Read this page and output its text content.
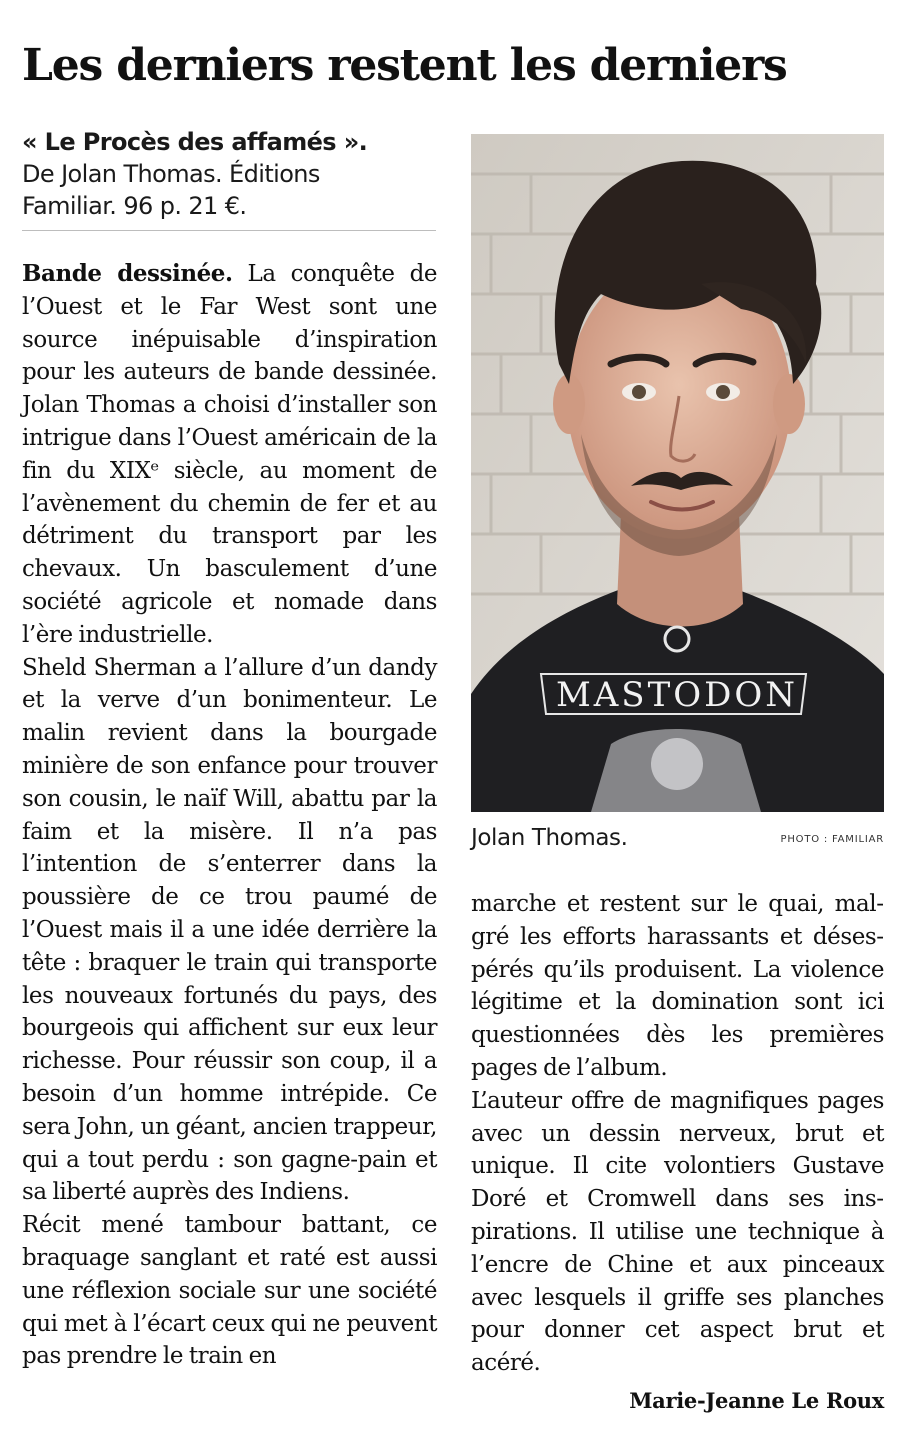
Les derniers restent les derniers
« Le Procès des affamés ».
De Jolan Thomas. Éditions
Familiar. 96 p. 21 €.

Bande dessinée. La conquête de l’Ouest et le Far West sont une source inépuisable d’inspiration pour les auteurs de bande dessinée. Jolan Thomas a choisi d’installer son intrigue dans l’Ouest américain de la fin du XIXᵉ siècle, au moment de l’avènement du chemin de fer et au détriment du transport par les chevaux. Un basculement d’une société agricole et nomade dans l’ère industrielle.

Sheld Sherman a l’allure d’un dandy et la verve d’un bonimenteur. Le malin revient dans la bourgade minière de son enfance pour trouver son cousin, le naïf Will, abattu par la faim et la misère. Il n’a pas l’intention de s’enterrer dans la poussière de ce trou paumé de l’Ouest mais il a une idée derrière la tête : braquer le train qui transporte les nouveaux fortunés du pays, des bourgeois qui affichent sur eux leur richesse. Pour réussir son coup, il a besoin d’un homme intrépide. Ce sera John, un géant, ancien trappeur, qui a tout perdu : son gagne-pain et sa liberté auprès des Indiens.

Récit mené tambour battant, ce braquage sanglant et raté est aussi une réflexion sociale sur une société qui met à l’écart ceux qui ne peuvent pas prendre le train en

MASTODON
Jolan Thomas.	PHOTO : FAMILIAR

marche et restent sur le quai, malgré les efforts harassants et désespérés qu’ils produisent. La violence légitime et la domination sont ici questionnées dès les premières pages de l’album.

L’auteur offre de magnifiques pages avec un dessin nerveux, brut et unique. Il cite volontiers Gustave Doré et Cromwell dans ses inspirations. Il utilise une technique à l’encre de Chine et aux pinceaux avec lesquels il griffe ses planches pour donner cet aspect brut et acéré.

Marie-Jeanne Le Roux
